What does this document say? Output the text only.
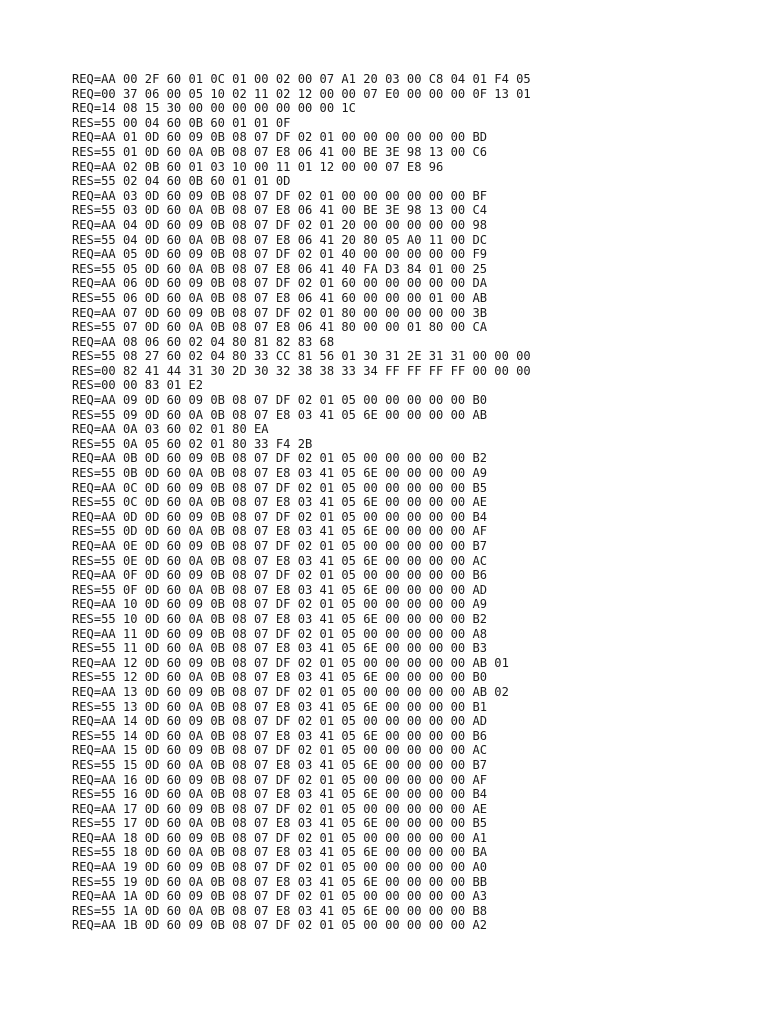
REQ=AA 00 2F 60 01 0C 01 00 02 00 07 A1 20 03 00 C8 04 01 F4 05
REQ=00 37 06 00 05 10 02 11 02 12 00 00 07 E0 00 00 00 0F 13 01
REQ=14 08 15 30 00 00 00 00 00 00 00 1C
RES=55 00 04 60 0B 60 01 01 0F
REQ=AA 01 0D 60 09 0B 08 07 DF 02 01 00 00 00 00 00 00 BD
RES=55 01 0D 60 0A 0B 08 07 E8 06 41 00 BE 3E 98 13 00 C6
REQ=AA 02 0B 60 01 03 10 00 11 01 12 00 00 07 E8 96
RES=55 02 04 60 0B 60 01 01 0D
REQ=AA 03 0D 60 09 0B 08 07 DF 02 01 00 00 00 00 00 00 BF
RES=55 03 0D 60 0A 0B 08 07 E8 06 41 00 BE 3E 98 13 00 C4
REQ=AA 04 0D 60 09 0B 08 07 DF 02 01 20 00 00 00 00 00 98
RES=55 04 0D 60 0A 0B 08 07 E8 06 41 20 80 05 A0 11 00 DC
REQ=AA 05 0D 60 09 0B 08 07 DF 02 01 40 00 00 00 00 00 F9
RES=55 05 0D 60 0A 0B 08 07 E8 06 41 40 FA D3 84 01 00 25
REQ=AA 06 0D 60 09 0B 08 07 DF 02 01 60 00 00 00 00 00 DA
RES=55 06 0D 60 0A 0B 08 07 E8 06 41 60 00 00 00 01 00 AB
REQ=AA 07 0D 60 09 0B 08 07 DF 02 01 80 00 00 00 00 00 3B
RES=55 07 0D 60 0A 0B 08 07 E8 06 41 80 00 00 01 80 00 CA
REQ=AA 08 06 60 02 04 80 81 82 83 68
RES=55 08 27 60 02 04 80 33 CC 81 56 01 30 31 2E 31 31 00 00 00
RES=00 82 41 44 31 30 2D 30 32 38 38 33 34 FF FF FF FF 00 00 00
RES=00 00 83 01 E2
REQ=AA 09 0D 60 09 0B 08 07 DF 02 01 05 00 00 00 00 00 B0
RES=55 09 0D 60 0A 0B 08 07 E8 03 41 05 6E 00 00 00 00 AB
REQ=AA 0A 03 60 02 01 80 EA
RES=55 0A 05 60 02 01 80 33 F4 2B
REQ=AA 0B 0D 60 09 0B 08 07 DF 02 01 05 00 00 00 00 00 B2
RES=55 0B 0D 60 0A 0B 08 07 E8 03 41 05 6E 00 00 00 00 A9
REQ=AA 0C 0D 60 09 0B 08 07 DF 02 01 05 00 00 00 00 00 B5
RES=55 0C 0D 60 0A 0B 08 07 E8 03 41 05 6E 00 00 00 00 AE
REQ=AA 0D 0D 60 09 0B 08 07 DF 02 01 05 00 00 00 00 00 B4
RES=55 0D 0D 60 0A 0B 08 07 E8 03 41 05 6E 00 00 00 00 AF
REQ=AA 0E 0D 60 09 0B 08 07 DF 02 01 05 00 00 00 00 00 B7
RES=55 0E 0D 60 0A 0B 08 07 E8 03 41 05 6E 00 00 00 00 AC
REQ=AA 0F 0D 60 09 0B 08 07 DF 02 01 05 00 00 00 00 00 B6
RES=55 0F 0D 60 0A 0B 08 07 E8 03 41 05 6E 00 00 00 00 AD
REQ=AA 10 0D 60 09 0B 08 07 DF 02 01 05 00 00 00 00 00 A9
RES=55 10 0D 60 0A 0B 08 07 E8 03 41 05 6E 00 00 00 00 B2
REQ=AA 11 0D 60 09 0B 08 07 DF 02 01 05 00 00 00 00 00 A8
RES=55 11 0D 60 0A 0B 08 07 E8 03 41 05 6E 00 00 00 00 B3
REQ=AA 12 0D 60 09 0B 08 07 DF 02 01 05 00 00 00 00 00 AB 01
RES=55 12 0D 60 0A 0B 08 07 E8 03 41 05 6E 00 00 00 00 B0
REQ=AA 13 0D 60 09 0B 08 07 DF 02 01 05 00 00 00 00 00 AB 02
RES=55 13 0D 60 0A 0B 08 07 E8 03 41 05 6E 00 00 00 00 B1
REQ=AA 14 0D 60 09 0B 08 07 DF 02 01 05 00 00 00 00 00 AD
RES=55 14 0D 60 0A 0B 08 07 E8 03 41 05 6E 00 00 00 00 B6
REQ=AA 15 0D 60 09 0B 08 07 DF 02 01 05 00 00 00 00 00 AC
RES=55 15 0D 60 0A 0B 08 07 E8 03 41 05 6E 00 00 00 00 B7
REQ=AA 16 0D 60 09 0B 08 07 DF 02 01 05 00 00 00 00 00 AF
RES=55 16 0D 60 0A 0B 08 07 E8 03 41 05 6E 00 00 00 00 B4
REQ=AA 17 0D 60 09 0B 08 07 DF 02 01 05 00 00 00 00 00 AE
RES=55 17 0D 60 0A 0B 08 07 E8 03 41 05 6E 00 00 00 00 B5
REQ=AA 18 0D 60 09 0B 08 07 DF 02 01 05 00 00 00 00 00 A1
RES=55 18 0D 60 0A 0B 08 07 E8 03 41 05 6E 00 00 00 00 BA
REQ=AA 19 0D 60 09 0B 08 07 DF 02 01 05 00 00 00 00 00 A0
RES=55 19 0D 60 0A 0B 08 07 E8 03 41 05 6E 00 00 00 00 BB
REQ=AA 1A 0D 60 09 0B 08 07 DF 02 01 05 00 00 00 00 00 A3
RES=55 1A 0D 60 0A 0B 08 07 E8 03 41 05 6E 00 00 00 00 B8
REQ=AA 1B 0D 60 09 0B 08 07 DF 02 01 05 00 00 00 00 00 A2
